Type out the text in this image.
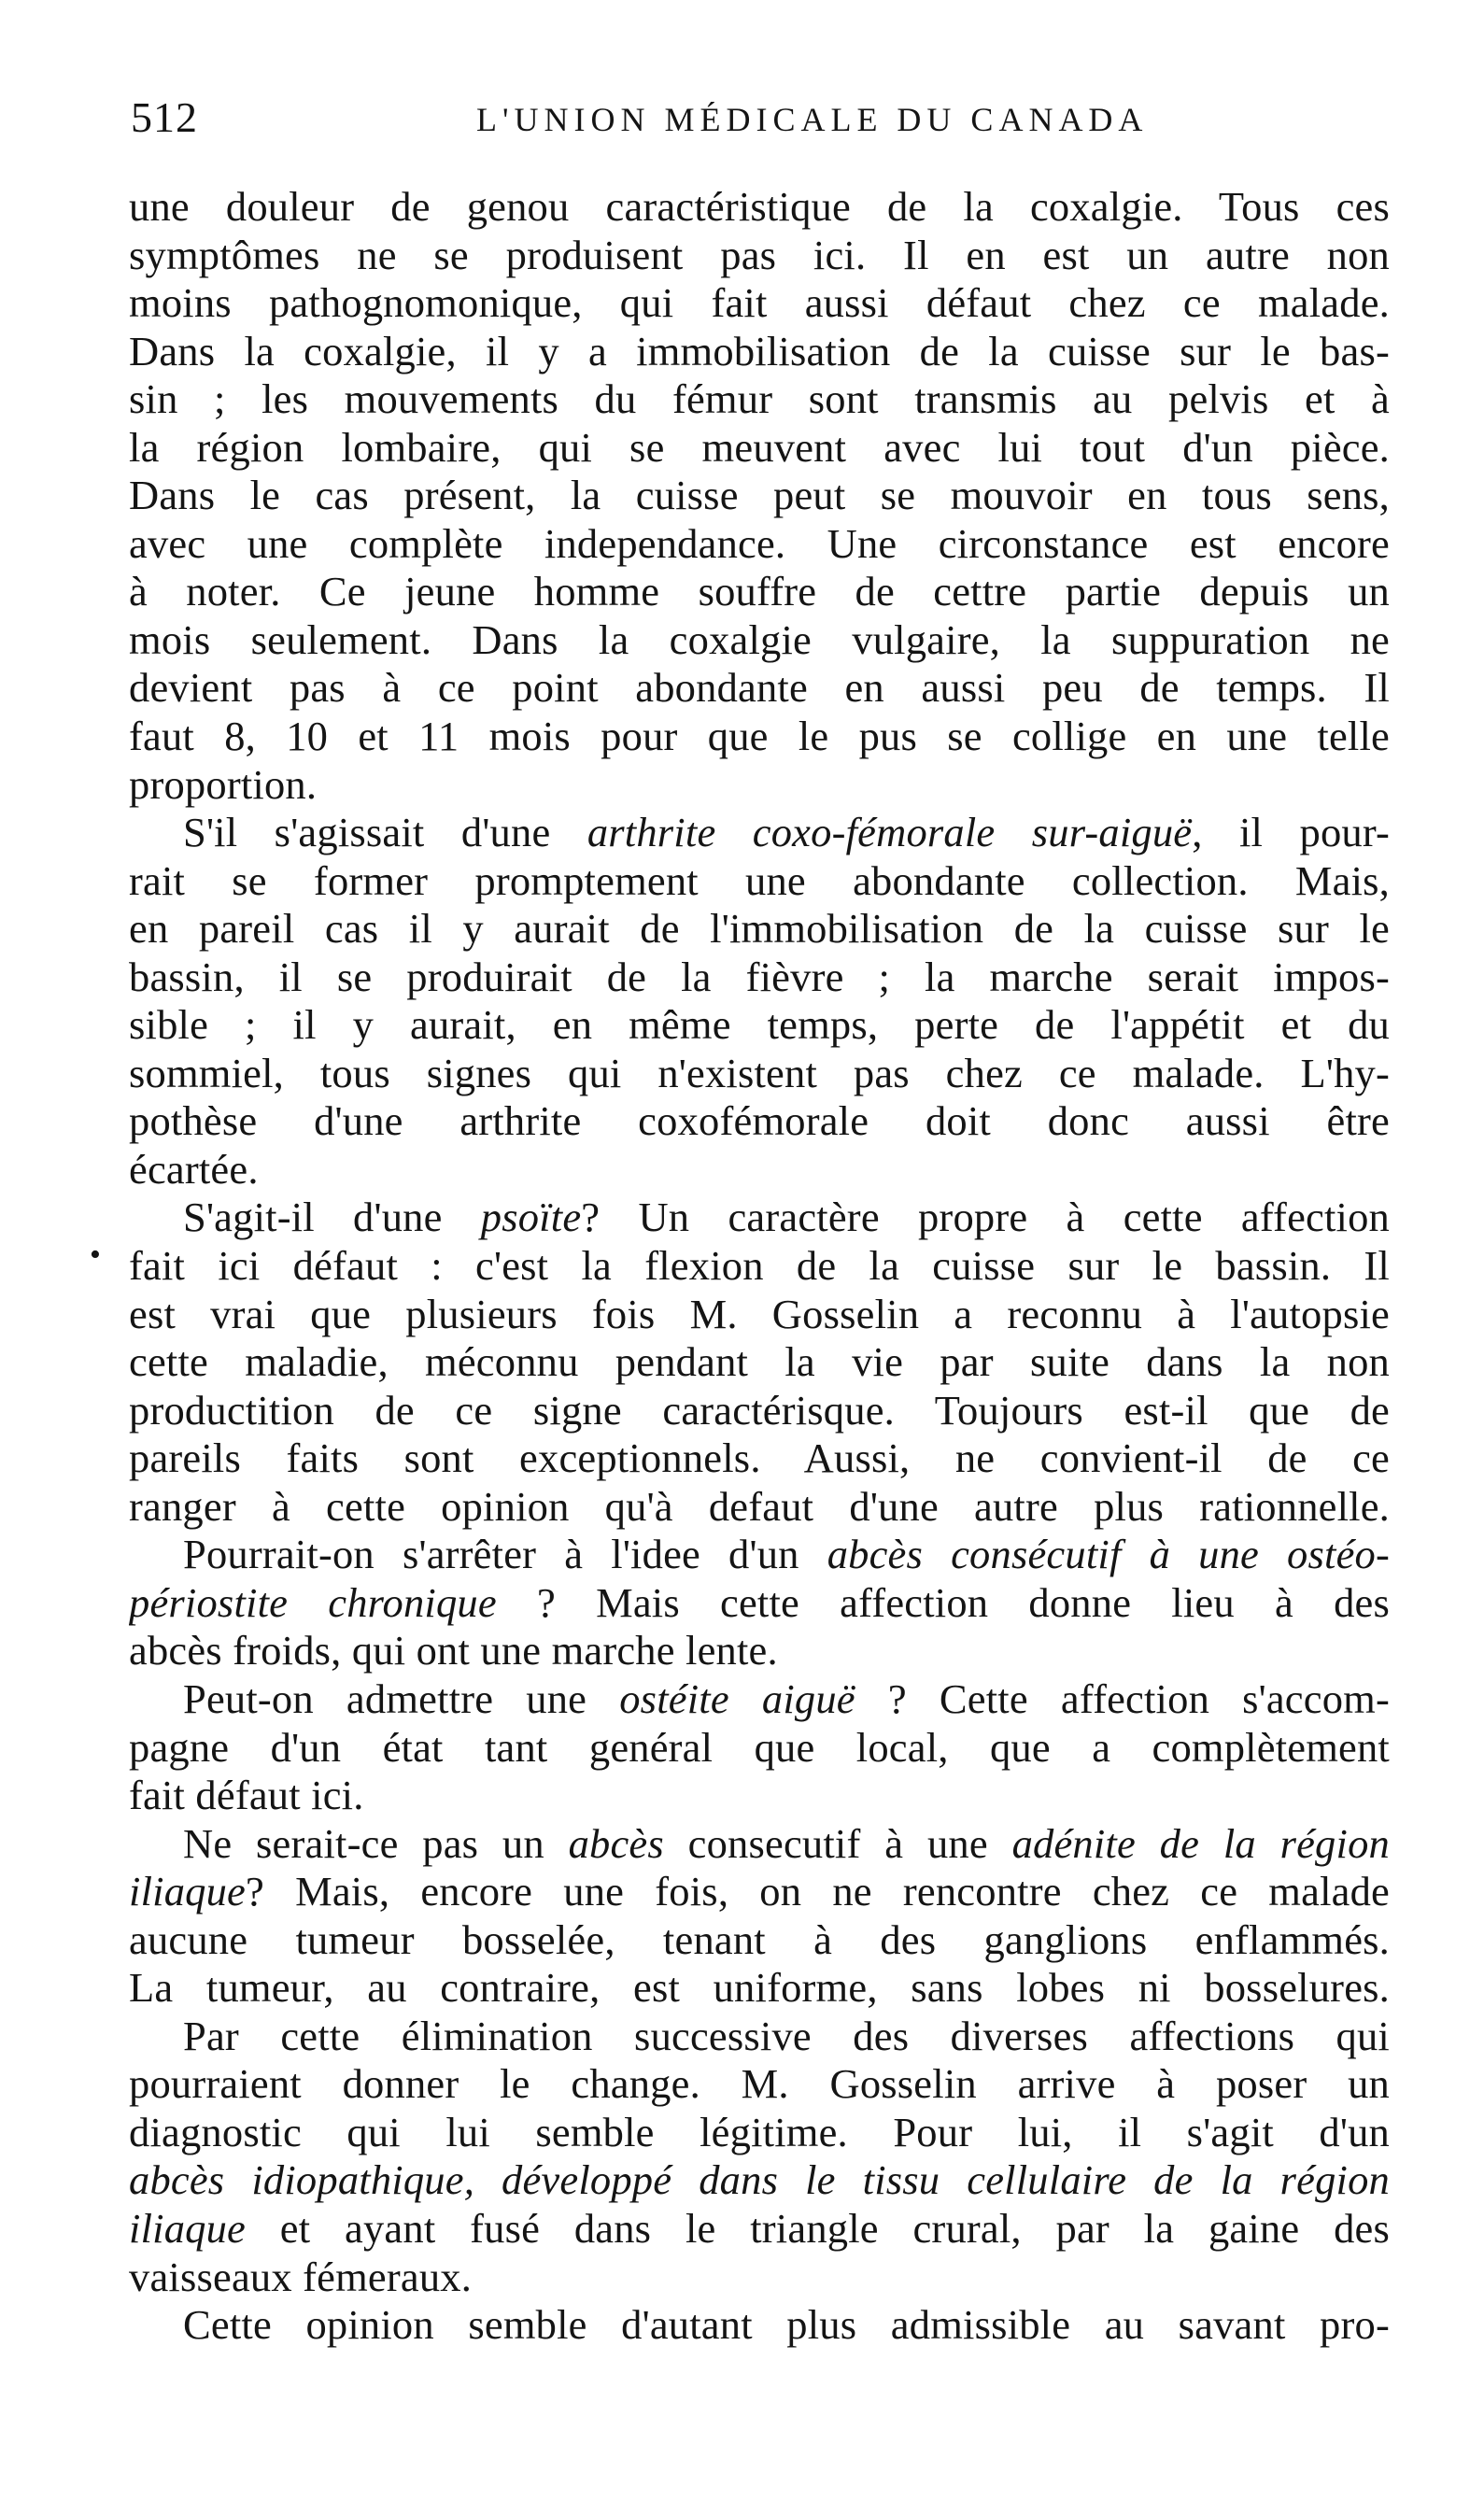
512	L'UNION MÉDICALE DU CANADA
•
une douleur de genou caractéristique de la coxalgie. Tous ces
symptômes ne se produisent pas ici. Il en est un autre non
moins pathognomonique, qui fait aussi défaut chez ce malade.
Dans la coxalgie, il y a immobilisation de la cuisse sur le bas-
sin ; les mouvements du fémur sont transmis au pelvis et à
la région lombaire, qui se meuvent avec lui tout d'un pièce.
Dans le cas présent, la cuisse peut se mouvoir en tous sens,
avec une complète independance. Une circonstance est encore
à noter. Ce jeune homme souffre de cettre partie depuis un
mois seulement. Dans la coxalgie vulgaire, la suppuration ne
devient pas à ce point abondante en aussi peu de temps. Il
faut 8, 10 et 11 mois pour que le pus se collige en une telle
proportion.
S'il s'agissait d'une arthrite coxo-fémorale sur-aiguë, il pour-
rait se former promptement une abondante collection. Mais,
en pareil cas il y aurait de l'immobilisation de la cuisse sur le
bassin, il se produirait de la fièvre ; la marche serait impos-
sible ; il y aurait, en même temps, perte de l'appétit et du
sommiel, tous signes qui n'existent pas chez ce malade. L'hy-
pothèse d'une arthrite coxofémorale doit donc aussi être
écartée.
S'agit-il d'une psoïte? Un caractère propre à cette affection
fait ici défaut : c'est la flexion de la cuisse sur le bassin. Il
est vrai que plusieurs fois M. Gosselin a reconnu à l'autopsie
cette maladie, méconnu pendant la vie par suite dans la non
productition de ce signe caractérisque. Toujours est-il que de
pareils faits sont exceptionnels. Aussi, ne convient-il de ce
ranger à cette opinion qu'à defaut d'une autre plus rationnelle.
Pourrait-on s'arrêter à l'idee d'un abcès consécutif à une ostéo-
périostite chronique ? Mais cette affection donne lieu à des
abcès froids, qui ont une marche lente.
Peut-on admettre une ostéite aiguë ? Cette affection s'accom-
pagne d'un état tant genéral que local, que a complètement
fait défaut ici.
Ne serait-ce pas un abcès consecutif à une adénite de la région
iliaque? Mais, encore une fois, on ne rencontre chez ce malade
aucune tumeur bosselée, tenant à des ganglions enflammés.
La tumeur, au contraire, est uniforme, sans lobes ni bosselures.
Par cette élimination successive des diverses affections qui
pourraient donner le change. M. Gosselin arrive à poser un
diagnostic qui lui semble légitime. Pour lui, il s'agit d'un
abcès idiopathique, développé dans le tissu cellulaire de la région
iliaque et ayant fusé dans le triangle crural, par la gaine des
vaisseaux fémeraux.
Cette opinion semble d'autant plus admissible au savant pro-
